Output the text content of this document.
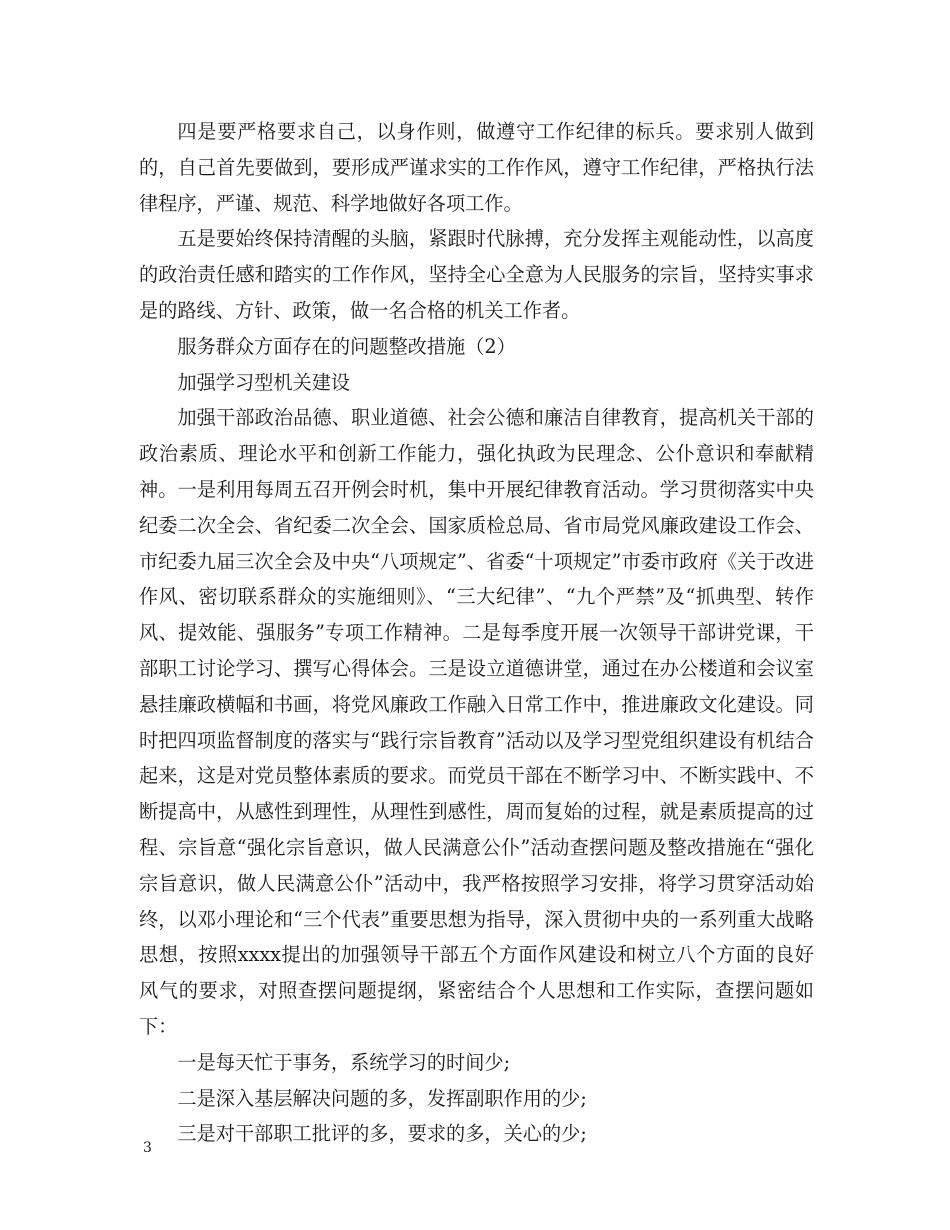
四是要严格要求自己，以身作则，做遵守工作纪律的标兵。要求别人做到的，自己首先要做到，要形成严谨求实的工作作风，遵守工作纪律，严格执行法律程序，严谨、规范、科学地做好各项工作。

五是要始终保持清醒的头脑，紧跟时代脉搏，充分发挥主观能动性，以高度的政治责任感和踏实的工作作风，坚持全心全意为人民服务的宗旨，坚持实事求是的路线、方针、政策，做一名合格的机关工作者。

服务群众方面存在的问题整改措施（2）

加强学习型机关建设

加强干部政治品德、职业道德、社会公德和廉洁自律教育，提高机关干部的政治素质、理论水平和创新工作能力，强化执政为民理念、公仆意识和奉献精神。一是利用每周五召开例会时机，集中开展纪律教育活动。学习贯彻落实中央纪委二次全会、省纪委二次全会、国家质检总局、省市局党风廉政建设工作会、市纪委九届三次全会及中央“八项规定”、省委“十项规定”市委市政府《关于改进作风、密切联系群众的实施细则》、“三大纪律”、“九个严禁”及“抓典型、转作风、提效能、强服务”专项工作精神。二是每季度开展一次领导干部讲党课，干部职工讨论学习、撰写心得体会。三是设立道德讲堂，通过在办公楼道和会议室悬挂廉政横幅和书画，将党风廉政工作融入日常工作中，推进廉政文化建设。同时把四项监督制度的落实与“践行宗旨教育”活动以及学习型党组织建设有机结合起来，这是对党员整体素质的要求。而党员干部在不断学习中、不断实践中、不断提高中，从感性到理性，从理性到感性，周而复始的过程，就是素质提高的过程、宗旨意“强化宗旨意识，做人民满意公仆”活动查摆问题及整改措施在“强化宗旨意识，做人民满意公仆”活动中，我严格按照学习安排，将学习贯穿活动始终，以邓小理论和“三个代表”重要思想为指导，深入贯彻中央的一系列重大战略思想，按照xxxx提出的加强领导干部五个方面作风建设和树立八个方面的良好风气的要求，对照查摆问题提纲，紧密结合个人思想和工作实际，查摆问题如下：

一是每天忙于事务，系统学习的时间少;

二是深入基层解决问题的多，发挥副职作用的少;

三是对干部职工批评的多，要求的多，关心的少;

3
